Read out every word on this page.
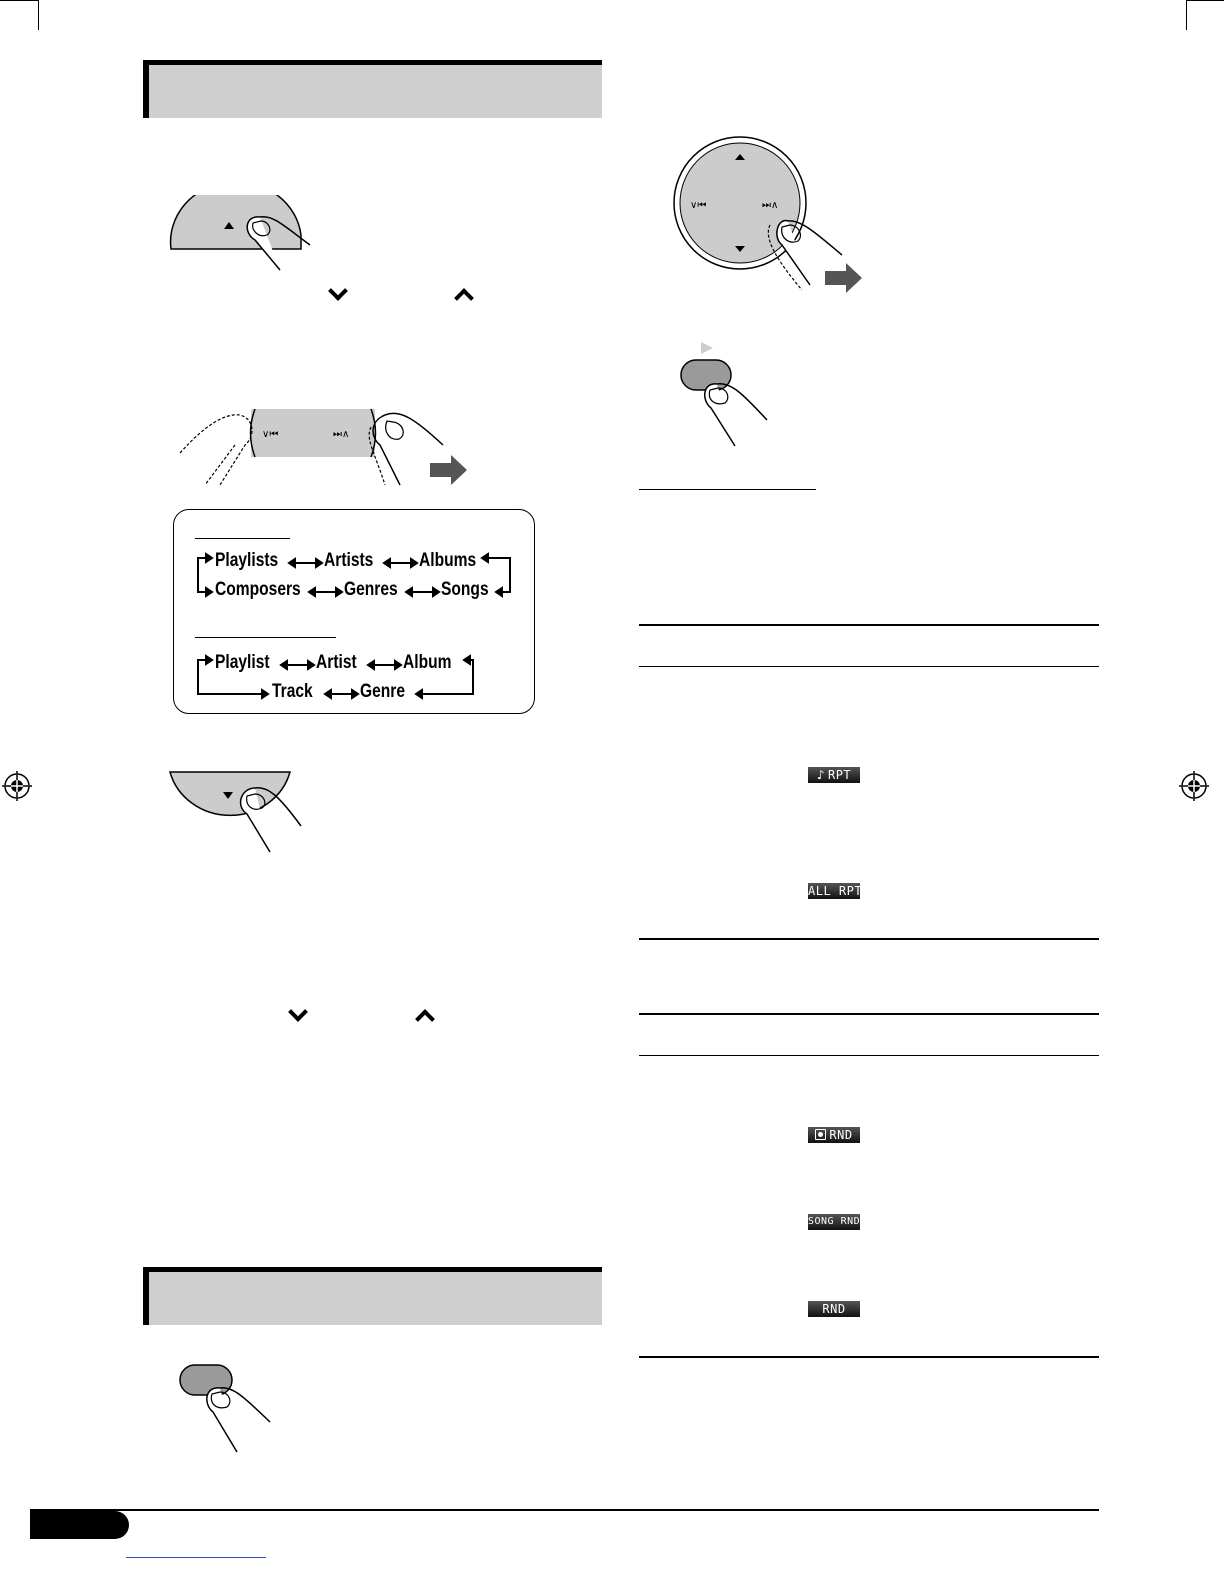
∨⏮	⏭∧
Playlists Artists Albums
Composers Genres Songs
Playlist Artist Album
Track Genre
∨⏮	⏭∧
♪ RPT
ALL RPT
RND
SONG RND
RND
